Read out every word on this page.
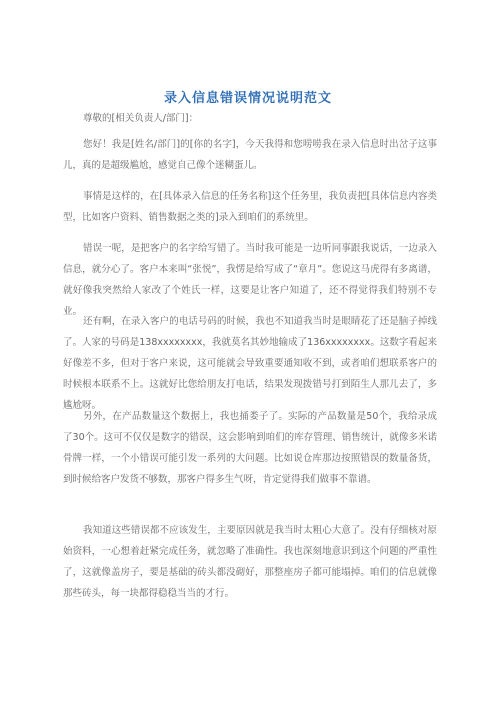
录入信息错误情况说明范文

尊敬的[相关负责人/部门]：

您好！我是[姓名/部门]的[你的名字]，今天我得和您唠唠我在录入信息时出岔子这事儿，真的是超级尴尬，感觉自己像个迷糊蛋儿。

事情是这样的，在[具体录入信息的任务名称]这个任务里，我负责把[具体信息内容类型，比如客户资料、销售数据之类的]录入到咱们的系统里。

错误一呢，是把客户的名字给写错了。当时我可能是一边听同事跟我说话，一边录入信息，就分心了。客户本来叫“张悦”，我愣是给写成了“章月”。您说这马虎得有多离谱，就好像我突然给人家改了个姓氏一样，这要是让客户知道了，还不得觉得我们特别不专业。

还有啊，在录入客户的电话号码的时候，我也不知道我当时是眼睛花了还是脑子掉线了。人家的号码是138xxxxxxxx，我就莫名其妙地输成了136xxxxxxxx。这数字看起来好像差不多，但对于客户来说，这可能就会导致重要通知收不到，或者咱们想联系客户的时候根本联系不上。这就好比您给朋友打电话，结果发现拨错号打到陌生人那儿去了，多尴尬呀。

另外，在产品数量这个数据上，我也捅娄子了。实际的产品数量是50个，我给录成了30个。这可不仅仅是数字的错误，这会影响到咱们的库存管理、销售统计，就像多米诺骨牌一样，一个小错误可能引发一系列的大问题。比如说仓库那边按照错误的数量备货，到时候给客户发货不够数，那客户得多生气呀，肯定觉得我们做事不靠谱。

我知道这些错误都不应该发生，主要原因就是我当时太粗心大意了。没有仔细核对原始资料，一心想着赶紧完成任务，就忽略了准确性。我也深刻地意识到这个问题的严重性了，这就像盖房子，要是基础的砖头都没砌好，那整座房子都可能塌掉。咱们的信息就像那些砖头，每一块都得稳稳当当的才行。
